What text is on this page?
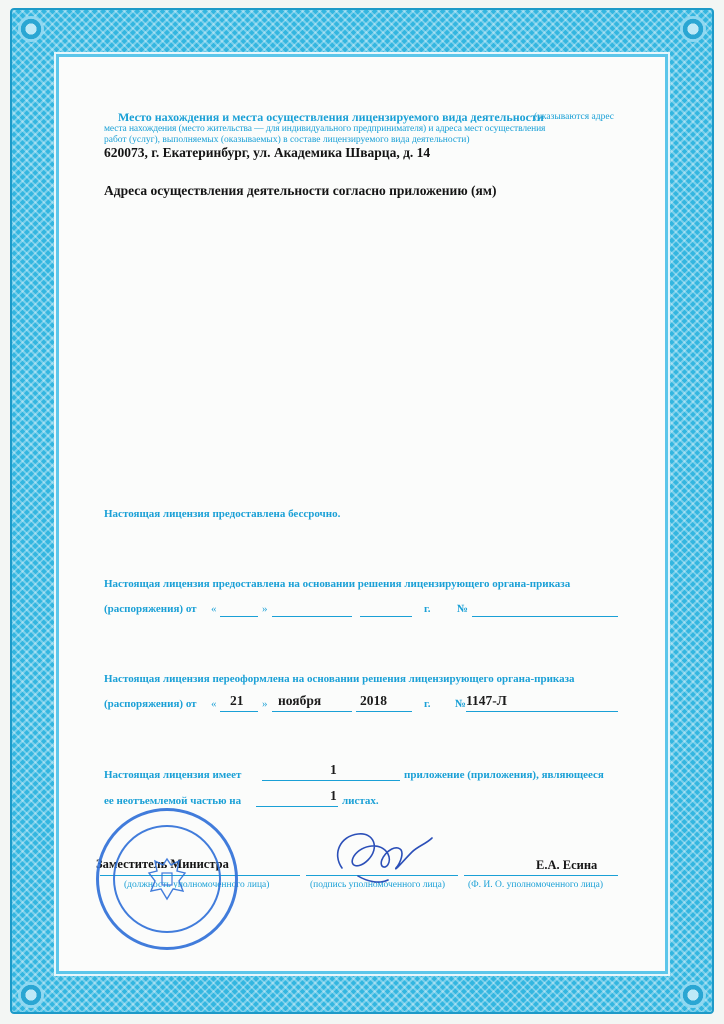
Место нахождения и места осуществления лицензируемого вида деятельности
(указываются адрес
места нахождения (место жительства — для индивидуального предпринимателя) и адреса мест осуществления
работ (услуг), выполняемых (оказываемых) в составе лицензируемого вида деятельности)
620073, г. Екатеринбург, ул. Академика Шварца, д. 14
Адреса осуществления деятельности согласно приложению (ям)
Настоящая лицензия предоставлена бессрочно.
Настоящая лицензия предоставлена на основании решения лицензирующего органа-приказа
(распоряжения) от «	»	г. №
Настоящая лицензия переоформлена на основании решения лицензирующего органа-приказа
(распоряжения) от « 21 » ноября	2018	г. № 1147-Л
Настоящая лицензия имеет	1	приложение (приложения), являющееся
ее неотъемлемой частью на	1 листах.
Заместитель Министра
(должность уполномоченного лица)	(подпись уполномоченного лица)
Е.А. Есина
(Ф. И. О. уполномоченного лица)
